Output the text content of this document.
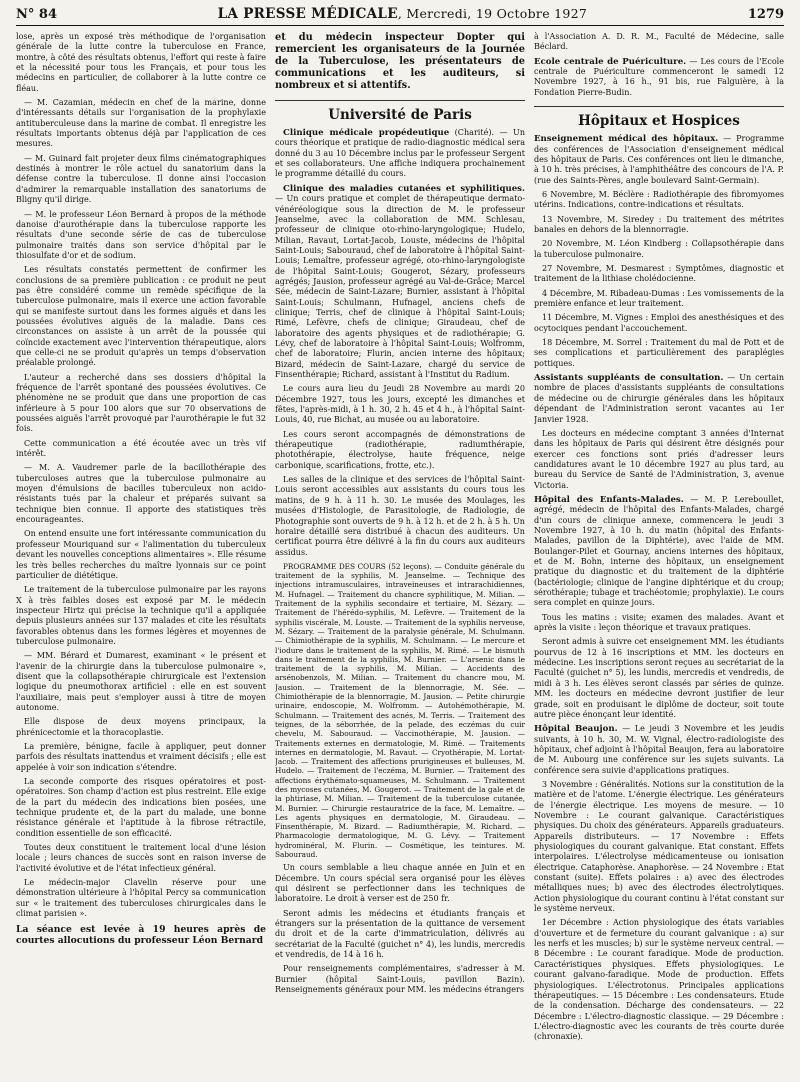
N° 84	LA PRESSE MÉDICALE, Mercredi, 19 Octobre 1927	1279

lose, après un exposé très méthodique de l'organisation générale de la lutte contre la tuberculose en France, montre, à côté des résultats obtenus, l'effort qui reste à faire et la nécessité pour tous les Français, et pour tous les médecins en particulier, de collaborer à la lutte contre ce fléau.

— M. Cazamian, médecin en chef de la marine, donne d'intéressants détails sur l'organisation de la prophylaxie antituberculeuse dans la marine de combat. Il enregistre les résultats importants obtenus déjà par l'application de ces mesures.

— M. Guinard fait projeter deux films cinématographiques destinés à montrer le rôle actuel du sanatorium dans la défense contre la tuberculose. Il donne ainsi l'occasion d'admirer la remarquable installation des sanatoriums de Bligny qu'il dirige.

— M. le professeur Léon Bernard à propos de la méthode danoise d'aurothérapie dans la tuberculose rapporte les résultats d'une seconde série de cas de tuberculose pulmonaire traités dans son service d'hôpital par le thiosulfate d'or et de sodium.

Les résultats constatés permettent de confirmer les conclusions de sa première publication : ce produit ne peut pas être considéré comme un remède spécifique de la tuberculose pulmonaire, mais il exerce une action favorable qui se manifeste surtout dans les formes aiguës et dans les poussées évolutives aiguës de la maladie. Dans ces circonstances on assiste à un arrêt de la poussée qui coïncide exactement avec l'intervention thérapeutique, alors que celle-ci ne se produit qu'après un temps d'observation préalable prolongé.

L'auteur a recherché dans ses dossiers d'hôpital la fréquence de l'arrêt spontané des poussées évolutives. Ce phénomène ne se produit que dans une proportion de cas inférieure à 5 pour 100 alors que sur 70 observations de poussées aiguës l'arrêt provoqué par l'aurothérapie le fut 32 fois.

Cette communication a été écoutée avec un très vif intérêt.

— M. A. Vaudremer parle de la bacillothérapie des tuberculoses autres que la tuberculose pulmonaire au moyen d'émulsions de bacilles tuberculeux non acido-résistants tués par la chaleur et préparés suivant sa technique bien connue. Il apporte des statistiques très encourageantes.

On entend ensuite une fort intéressante communication du professeur Mouriquand sur « l'alimentation du tuberculeux devant les nouvelles conceptions alimentaires ». Elle résume les très belles recherches du maître lyonnais sur ce point particulier de diététique.

Le traitement de la tuberculose pulmonaire par les rayons X à très faibles doses est exposé par M. le médecin inspecteur Hirtz qui précise la technique qu'il a appliquée depuis plusieurs années sur 137 malades et cite les résultats favorables obtenus dans les formes légères et moyennes de tuberculose pulmonaire.

— MM. Bérard et Dumarest, examinant « le présent et l'avenir de la chirurgie dans la tuberculose pulmonaire », disent que la collapsothérapie chirurgicale est l'extension logique du pneumothorax artificiel : elle en est souvent l'auxiliaire, mais peut s'employer aussi à titre de moyen autonome.

Elle dispose de deux moyens principaux, la phrénicectomie et la thoracoplastie.

La première, bénigne, facile à appliquer, peut donner parfois des résultats inattendus et vraiment décisifs ; elle est appelée à voir son indication s'étendre.

La seconde comporte des risques opératoires et post-opératoires. Son champ d'action est plus restreint. Elle exige de la part du médecin des indications bien posées, une technique prudente et, de la part du malade, une bonne résistance générale et l'aptitude à la fibrose rétractile, condition essentielle de son efficacité.

Toutes deux constituent le traitement local d'une lésion locale ; leurs chances de succès sont en raison inverse de l'activité évolutive et de l'état infectieux général.

Le médecin-major Clavelin réserve pour une démonstration ultérieure à l'hôpital Percy sa communication sur « le traitement des tuberculoses chirurgicales dans le climat parisien ».

La séance est levée à 19 heures après de courtes allocutions du professeur Léon Bernard

et du médecin inspecteur Dopter qui remercient les organisateurs de la Journée de la Tuberculose, les présentateurs de communications et les auditeurs, si nombreux et si attentifs.

Université de Paris

Clinique médicale propédeutique (Charité). — Un cours théorique et pratique de radio-diagnostic médical sera donné du 3 au 10 Décembre inclus par le professeur Sergent et ses collaborateurs. Une affiche indiquera prochainement le programme détaillé du cours.

Clinique des maladies cutanées et syphilitiques. — Un cours pratique et complet de thérapeutique dermato-vénéréologique sous la direction de M. le professeur Jeanselme, avec la collaboration de MM. Schlesau, professeur de clinique oto-rhino-laryngologique; Hudelo, Milian, Ravaut, Lortat-Jacob, Louste, médecins de l'hôpital Saint-Louis; Sabouraud, chef de laboratoire à l'hôpital Saint-Louis; Lemaître, professeur agrégé, oto-rhino-laryngologiste de l'hôpital Saint-Louis; Gougerot, Sézary, professeurs agrégés; Jausion, professeur agrégé au Val-de-Grâce; Marcel Sée, médecin de Saint-Lazare; Burnier, assistant à l'hôpital Saint-Louis; Schulmann, Hufnagel, anciens chefs de clinique; Terris, chef de clinique à l'hôpital Saint-Louis; Rimé, Lefèvre, chefs de clinique; Giraudeau, chef de laboratoire des agents physiques et de radiothérapie; G. Lévy, chef de laboratoire à l'hôpital Saint-Louis; Wolfromm, chef de laboratoire; Flurin, ancien interne des hôpitaux; Bizard, médecin de Saint-Lazare, chargé du service de Finsenthérapie; Richard, assistant à l'Institut du Radium.

Le cours aura lieu du Jeudi 28 Novembre au mardi 20 Décembre 1927, tous les jours, excepté les dimanches et fêtes, l'après-midi, à 1 h. 30, 2 h. 45 et 4 h., à l'hôpital Saint-Louis, 40, rue Bichat, au musée ou au laboratoire.

Les cours seront accompagnés de démonstrations de thérapeutique (radiothérapie, radiumthérapie, photothérapie, électrolyse, haute fréquence, neige carbonique, scarifications, frotte, etc.).

Les salles de la clinique et des services de l'hôpital Saint-Louis seront accessibles aux assistants du cours tous les matins, de 9 h. à 11 h. 30. Le musée des Moulages, les musées d'Histologie, de Parasitologie, de Radiologie, de Photographie sont ouverts de 9 h. à 12 h. et de 2 h. à 5 h. Un horaire détaillé sera distribué à chacun des auditeurs. Un certificat pourra être délivré à la fin du cours aux auditeurs assidus.

PROGRAMME DES COURS (52 leçons). — Conduite générale du traitement de la syphilis, M. Jeanselme. — Technique des injections intramusculaires, intraveineuses et intrarachidiennes, M. Hufnagel. — Traitement du chancre syphilitique, M. Milian. — Traitement de la syphilis secondaire et tertiaire, M. Sézary. — Traitement de l'hérédo-syphilis, M. Lefèvre. — Traitement de la syphilis viscérale, M. Louste. — Traitement de la syphilis nerveuse, M. Sézary. — Traitement de la paralysie générale, M. Schulmann. — Chimiothérapie de la syphilis, M. Schulmann. — Le mercure et l'iodure dans le traitement de la syphilis, M. Rimé. — Le bismuth dans le traitement de la syphilis, M. Burnier. — L'arsenic dans le traitement de la syphilis, M. Milian. — Accidents des arsénobenzols, M. Milian. — Traitement du chancre mou, M. Jausion. — Traitement de la blennorragie, M. Sée. — Chimiothérapie de la blennorragie, M. Jausion. — Petite chirurgie urinaire, endoscopie, M. Wolfromm. — Autohémothérapie, M. Schulmann. — Traitement des acnés, M. Terris. — Traitement des teignes, de la séborrhée, de la pelade, des eczémas du cuir chevelu, M. Sabouraud. — Vaccinothérapie, M. Jausion. — Traitements externes en dermatologie, M. Rimé. — Traitements internes en dermatologie, M. Ravaut. — Cryothérapie, M. Lortat-Jacob. — Traitement des affections prurigineuses et bulleuses, M. Hudelo. — Traitement de l'eczéma, M. Burnier. — Traitement des affections érythémato-squameuses, M. Schulmann. — Traitement des mycoses cutanées, M. Gougerot. — Traitement de la gale et de la phtiriase, M. Milian. — Traitement de la tuberculose cutanée, M. Burnier. — Chirurgie restauratrice de la face, M. Lemaître. — Les agents physiques en dermatologie, M. Giraudeau. — Finsenthérapie, M. Bizard. — Radiumthérapie, M. Richard. — Pharmacologie dermatologique, M. G. Lévy. — Traitement hydrominéral, M. Flurin. — Cosmétique, les teintures. M. Sabouraud.

Un cours semblable a lieu chaque année en Juin et en Décembre. Un cours spécial sera organisé pour les élèves qui désirent se perfectionner dans les techniques de laboratoire. Le droit à verser est de 250 fr.

Seront admis les médecins et étudiants français et étrangers sur la présentation de la quittance de versement du droit et de la carte d'immatriculation, délivrés au secrétariat de la Faculté (guichet n° 4), les lundis, mercredis et vendredis, de 14 à 16 h.

Pour renseignements complémentaires, s'adresser à M. Burnier (hôpital Saint-Louis, pavillon Bazin). Renseignements généraux pour MM. les médecins étrangers

à l'Association A. D. R. M., Faculté de Médecine, salle Béclard.

Ecole centrale de Puériculture. — Les cours de l'Ecole centrale de Puériculture commenceront le samedi 12 Novembre 1927, à 16 h., 91 bis, rue Falguière, à la Fondation Pierre-Budin.

Hôpitaux et Hospices

Enseignement médical des hôpitaux. — Programme des conférences de l'Association d'enseignement médical des hôpitaux de Paris. Ces conférences ont lieu le dimanche, à 10 h. très précises, à l'amphithéâtre des concours de l'A. P. (rue des Saints-Pères, angle boulevard Saint-Germain).

6 Novembre, M. Béclère : Radiothérapie des fibromyomes utérins. Indications, contre-indications et résultats.

13 Novembre, M. Siredey : Du traitement des métrites banales en dehors de la blennorragie.

20 Novembre, M. Léon Kindberg : Collapsothérapie dans la tuberculose pulmonaire.

27 Novembre, M. Desmarest : Symptômes, diagnostic et traitement de la lithiase cholédocienne.

4 Décembre, M. Ribadeau-Dumas : Les vomissements de la première enfance et leur traitement.

11 Décembre, M. Vignes : Emploi des anesthésiques et des ocytociques pendant l'accouchement.

18 Décembre, M. Sorrel : Traitement du mal de Pott et de ses complications et particulièrement des paraplégies pottiques.

Assistants suppléants de consultation. — Un certain nombre de places d'assistants suppléants de consultations de médecine ou de chirurgie générales dans les hôpitaux dépendant de l'Administration seront vacantes au 1er Janvier 1928.

Les docteurs en médecine comptant 3 années d'Internat dans les hôpitaux de Paris qui désirent être désignés pour exercer ces fonctions sont priés d'adresser leurs candidatures avant le 10 décembre 1927 au plus tard, au bureau du Service de Santé de l'Administration, 3, avenue Victoria.

Hôpital des Enfants-Malades. — M. P. Lereboullet, agrégé, médecin de l'hôpital des Enfants-Malades, chargé d'un cours de clinique annexe, commencera le jeudi 3 Novembre 1927, à 10 h. du matin (hôpital des Enfants-Malades, pavillon de la Diphtérie), avec l'aide de MM. Boulanger-Pilet et Gournay, anciens internes des hôpitaux, et de M. Bohn, interne des hôpitaux, un enseignement pratique du diagnostic et du traitement de la diphtérie (bactériologie; clinique de l'angine diphtérique et du croup; sérothérapie; tubage et trachéotomie; prophylaxie). Le cours sera complet en quinze jours.

Tous les matins : visite; examen des malades. Avant et après la visite : leçon théorique et travaux pratiques.

Seront admis à suivre cet enseignement MM. les étudiants pourvus de 12 à 16 inscriptions et MM. les docteurs en médecine. Les inscriptions seront reçues au secrétariat de la Faculté (guichet n° 5), les lundis, mercredis et vendredis, de midi à 3 h. Les élèves seront classés par séries de quinze. MM. les docteurs en médecine devront justifier de leur grade, soit en produisant le diplôme de docteur, soit toute autre pièce énonçant leur identité.

Hôpital Beaujon. — Le jeudi 3 Novembre et les jeudis suivants, à 10 h. 30, M. W. Vignal, électro-radiologiste des hôpitaux, chef adjoint à l'hôpital Beaujon, fera au laboratoire de M. Aubourg une conférence sur les sujets suivants. La conférence sera suivie d'applications pratiques.

3 Novembre : Généralités. Notions sur la constitution de la matière et de l'atome. L'énergie électrique. Les générateurs de l'énergie électrique. Les moyens de mesure. — 10 Novembre : Le courant galvanique. Caractéristiques physiques. Du choix des générateurs. Appareils graduateurs. Appareils distributeurs. — 17 Novembre : Effets physiologiques du courant galvanique. Etat constant. Effets interpolaires. L'électrolyse médicamenteuse ou ionisation électrique. Cataphorèse. Anaphorèse. — 24 Novembre : Etat constant (suite). Effets polaires : a) avec des électrodes métalliques nues; b) avec des électrodes électrolytiques. Action physiologique du courant continu à l'état constant sur le système nerveux.

1er Décembre : Action physiologique des états variables d'ouverture et de fermeture du courant galvanique : a) sur les nerfs et les muscles; b) sur le système nerveux central. — 8 Décembre : Le courant faradique. Mode de production. Caractéristiques physiques. Effets physiologiques. Le courant galvano-faradique. Mode de production. Effets physiologiques. L'électrotonus. Principales applications thérapeutiques. — 15 Décembre : Les condensateurs. Etude de la condensation. Décharge des condensateurs. — 22 Décembre : L'électro-diagnostic classique. — 29 Décembre : L'électro-diagnostic avec les courants de très courte durée (chronaxie).
